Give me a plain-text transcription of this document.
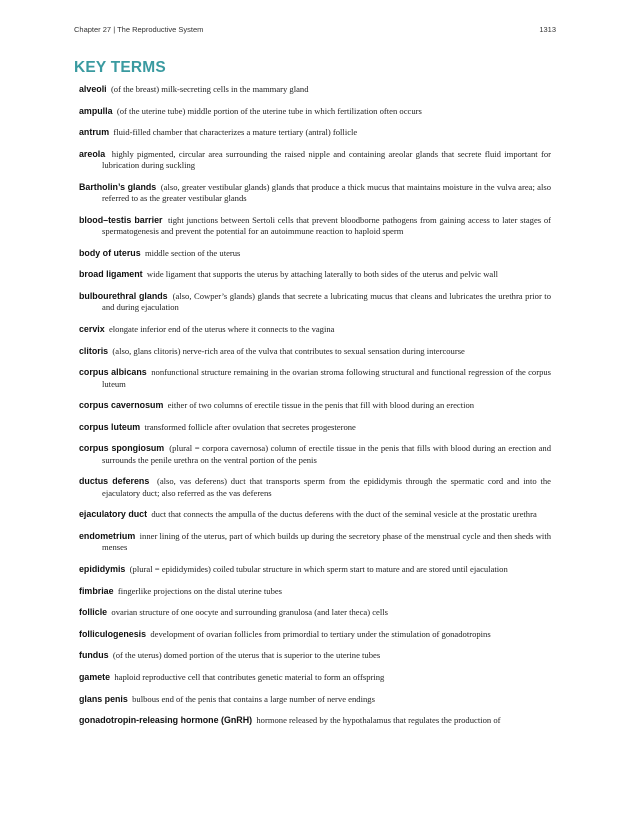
Chapter 27 | The Reproductive System	1313
KEY TERMS

alveoli (of the breast) milk-secreting cells in the mammary gland

ampulla (of the uterine tube) middle portion of the uterine tube in which fertilization often occurs

antrum fluid-filled chamber that characterizes a mature tertiary (antral) follicle

areola highly pigmented, circular area surrounding the raised nipple and containing areolar glands that secrete fluid important for lubrication during suckling

Bartholin’s glands (also, greater vestibular glands) glands that produce a thick mucus that maintains moisture in the vulva area; also referred to as the greater vestibular glands

blood–testis barrier tight junctions between Sertoli cells that prevent bloodborne pathogens from gaining access to later stages of spermatogenesis and prevent the potential for an autoimmune reaction to haploid sperm

body of uterus middle section of the uterus

broad ligament wide ligament that supports the uterus by attaching laterally to both sides of the uterus and pelvic wall

bulbourethral glands (also, Cowper’s glands) glands that secrete a lubricating mucus that cleans and lubricates the urethra prior to and during ejaculation

cervix elongate inferior end of the uterus where it connects to the vagina

clitoris (also, glans clitoris) nerve-rich area of the vulva that contributes to sexual sensation during intercourse

corpus albicans nonfunctional structure remaining in the ovarian stroma following structural and functional regression of the corpus luteum

corpus cavernosum either of two columns of erectile tissue in the penis that fill with blood during an erection

corpus luteum transformed follicle after ovulation that secretes progesterone

corpus spongiosum (plural = corpora cavernosa) column of erectile tissue in the penis that fills with blood during an erection and surrounds the penile urethra on the ventral portion of the penis

ductus deferens (also, vas deferens) duct that transports sperm from the epididymis through the spermatic cord and into the ejaculatory duct; also referred as the vas deferens

ejaculatory duct duct that connects the ampulla of the ductus deferens with the duct of the seminal vesicle at the prostatic urethra

endometrium inner lining of the uterus, part of which builds up during the secretory phase of the menstrual cycle and then sheds with menses

epididymis (plural = epididymides) coiled tubular structure in which sperm start to mature and are stored until ejaculation

fimbriae fingerlike projections on the distal uterine tubes

follicle ovarian structure of one oocyte and surrounding granulosa (and later theca) cells

folliculogenesis development of ovarian follicles from primordial to tertiary under the stimulation of gonadotropins

fundus (of the uterus) domed portion of the uterus that is superior to the uterine tubes

gamete haploid reproductive cell that contributes genetic material to form an offspring

glans penis bulbous end of the penis that contains a large number of nerve endings

gonadotropin-releasing hormone (GnRH) hormone released by the hypothalamus that regulates the production of
